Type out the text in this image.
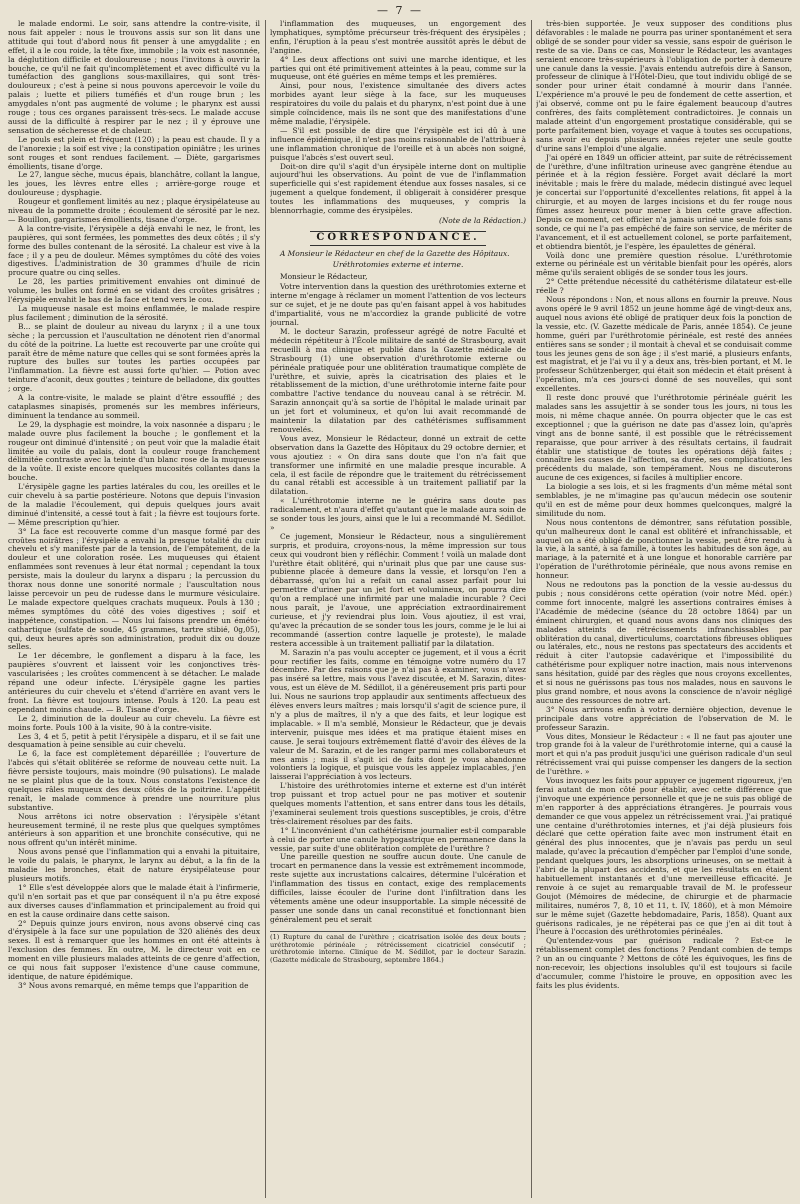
— 7 —

le malade endormi. Le soir, sans attendre la contre-visite, il nous fait appeler : nous le trouvons assis sur son lit dans une attitude qui tout d'abord nous fit penser à une amygdalite ; en effet, il a le cou roide, la tête fixe, immobile ; la voix est nasonnée, la déglutition difficile et douloureuse ; nous l'invitons à ouvrir la bouche, ce qu'il ne fait qu'incomplètement et avec difficulté vu la tuméfaction des ganglions sous-maxillaires, qui sont très-douloureux ; c'est à peine si nous pouvons apercevoir le voile du palais ; luette et piliers tuméfiés et d'un rouge brun ; les amygdales n'ont pas augmenté de volume ; le pharynx est aussi rouge ; tous ces organes paraissent très-secs. Le malade accuse aussi de la difficulté à respirer par le nez ; il y éprouve une sensation de sécheresse et de chaleur.

Le pouls est plein et fréquent (120) ; la peau est chaude. Il y a de l'anorexie ; la soif est vive ; la constipation opiniâtre ; les urines sont rouges et sont rendues facilement. — Diète, gargarismes émollients, tisane d'orge.

Le 27, langue sèche, mucus épais, blanchâtre, collant la langue, les joues, les lèvres entre elles ; arrière-gorge rouge et douloureuse ; dysphagie.

Rougeur et gonflement limités au nez ; plaque érysipélateuse au niveau de la pommette droite ; écoulement de sérosité par le nez. — Bouillon, gargarismes émollients, tisane d'orge.

A la contre-visite, l'érysipèle a déjà envahi le nez, le front, les paupières, qui sont fermées, les pommettes des deux côtés ; il s'y forme des bulles contenant de la sérosité. La chaleur est vive à la face ; il y a peu de douleur. Mêmes symptômes du côté des voies digestives. L'administration de 30 grammes d'huile de ricin procure quatre ou cinq selles.

Le 28, les parties primitivement envahies ont diminué de volume, les bulles ont formé en se vidant des croûtes grisâtres ; l'érysipèle envahit le bas de la face et tend vers le cou.

La muqueuse nasale est moins enflammée, le malade respire plus facilement ; diminution de la sérosité.

B... se plaint de douleur au niveau du larynx ; il a une toux sèche ; la percussion et l'auscultation ne dénotent rien d'anormal du côté de la poitrine. La luette est recouverte par une croûte qui paraît être de même nature que celles qui se sont formées après la rupture des bulles sur toutes les parties occupées par l'inflammation. La fièvre est aussi forte qu'hier. — Potion avec teinture d'aconit, deux gouttes ; teinture de belladone, dix gouttes ; orge.

A la contre-visite, le malade se plaint d'être essoufflé ; des cataplasmes sinapisés, promenés sur les membres inférieurs, diminuent la tendance au sommeil.

Le 29, la dysphagie est moindre, la voix nasonnée a disparu ; le malade ouvre plus facilement la bouche ; le gonflement et la rougeur ont diminué d'intensité ; on peut voir que la maladie était limitée au voile du palais, dont la couleur rouge franchement délimitée contraste avec la teinte d'un blanc rose de la muqueuse de la voûte. Il existe encore quelques mucosités collantes dans la bouche.

L'érysipèle gagne les parties latérales du cou, les oreilles et le cuir chevelu à sa partie postérieure. Notons que depuis l'invasion de la maladie l'écoulement, qui depuis quelques jours avait diminué d'intensité, a cessé tout à fait ; la fièvre est toujours forte. — Même prescription qu'hier.

3° La face est recouverte comme d'un masque formé par des croûtes noirâtres ; l'érysipèle a envahi la presque totalité du cuir chevelu et s'y manifeste par de la tension, de l'empâtement, de la douleur et une coloration rosée. Les muqueuses qui étaient enflammées sont revenues à leur état normal ; cependant la toux persiste, mais la douleur du larynx a disparu ; la percussion du thorax nous donne une sonorité normale ; l'auscultation nous laisse percevoir un peu de rudesse dans le murmure vésiculaire. Le malade expectore quelques crachats muqueux. Pouls à 130 ; mêmes symptômes du côté des voies digestives ; soif et inappétence, constipation. — Nous lui faisons prendre un éméto-cathartique (sulfate de soude, 45 grammes, tartre stibié, 0g,05), qui, deux heures après son administration, produit dix ou douze selles.

Le 1er décembre, le gonflement a disparu à la face, les paupières s'ouvrent et laissent voir les conjonctives très-vascularisées ; les croûtes commencent à se détacher. Le malade répand une odeur infecte. L'érysipèle gagne les parties antérieures du cuir chevelu et s'étend d'arrière en avant vers le front. La fièvre est toujours intense. Pouls à 120. La peau est cependant moins chaude. — B. Tisane d'orge.

Le 2, diminution de la douleur au cuir chevelu. La fièvre est moins forte. Pouls 100 à la visite, 90 à la contre-visite.

Les 3, 4 et 5, petit à petit l'érysipèle a disparu, et il se fait une desquamation à peine sensible au cuir chevelu.

Le 6, la face est complètement déparéillée ; l'ouverture de l'abcès qui s'était oblitérée se reforme de nouveau cette nuit. La fièvre persiste toujours, mais moindre (90 pulsations). Le malade ne se plaint plus que de la toux. Nous constatons l'existence de quelques râles muqueux des deux côtés de la poitrine. L'appétit renaît, le malade commence à prendre une nourriture plus substantive.

Nous arrêtons ici notre observation : l'érysipèle s'étant heureusement terminé, il ne reste plus que quelques symptômes antérieurs à son apparition et une bronchite consécutive, qui ne nous offrent qu'un intérêt minime.

Nous avons pensé que l'inflammation qui a envahi la pituitaire, le voile du palais, le pharynx, le larynx au début, a la fin de la maladie les bronches, était de nature érysipélateuse pour plusieurs motifs.

1° Elle s'est développée alors que le malade était à l'infirmerie, qu'il n'en sortait pas et que par conséquent il n'a pu être exposé aux diverses causes d'inflammation et principalement au froid qui en est la cause ordinaire dans cette saison.

2° Depuis quinze jours environ, nous avons observé cinq cas d'érysipèle à la face sur une population de 320 aliénés des deux sexes. Il est à remarquer que les hommes en ont été atteints à l'exclusion des femmes. En outre, M. le directeur voit en ce moment en ville plusieurs malades atteints de ce genre d'affection, ce qui nous fait supposer l'existence d'une cause commune, identique, de nature épidémique.

3° Nous avons remarqué, en même temps que l'apparition de

l'inflammation des muqueuses, un engorgement des lymphatiques, symptôme précurseur très-fréquent des érysipèles ; enfin, l'éruption à la peau s'est montrée aussitôt après le début de l'angine.

4° Les deux affections ont suivi une marche identique, et les parties qui ont été primitivement atteintes à la peau, comme sur la muqueuse, ont été guéries en même temps et les premières.

Ainsi, pour nous, l'existence simultanée des divers actes morbides ayant leur siège à la face, sur les muqueuses respiratoires du voile du palais et du pharynx, n'est point due à une simple coïncidence, mais ils ne sont que des manifestations d'une même maladie, l'érysipèle.

— S'il est possible de dire que l'érysipèle est ici dû à une influence épidémique, il n'est pas moins raisonnable de l'attribuer à une inflammation chronique de l'oreille et à un abcès non soigné, puisque l'abcès s'est ouvert seul.

Doit-on dire qu'il s'agit d'un érysipèle interne dont on multiplie aujourd'hui les observations. Au point de vue de l'inflammation superficielle qui s'est rapidement étendue aux fosses nasales, si ce jugement a quelque fondement, il obligerait à considérer presque toutes les inflammations des muqueuses, y compris la blennorrhagie, comme des érysipèles.

(Note de la Rédaction.)

CORRESPONDANCE.

A Monsieur le Rédacteur en chef de la Gazette des Hôpitaux.

Uréthrotomies externe et interne.

Monsieur le Rédacteur,

Votre intervention dans la question des uréthrotomies externe et interne m'engage à réclamer un moment l'attention de vos lecteurs sur ce sujet, et je ne doute pas qu'en faisant appel à vos habitudes d'impartialité, vous ne m'accordiez la grande publicité de votre journal.

M. le docteur Sarazin, professeur agrégé de notre Faculté et médecin répétiteur à l'École militaire de santé de Strasbourg, avait recueilli à ma clinique et publié dans la Gazette médicale de Strasbourg (1) une observation d'uréthrotomie externe ou périnéale pratiquée pour une oblitération traumatique complète de l'urèthre, et suivie, après la cicatrisation des plaies et le rétablissement de la miction, d'une uréthrotomie interne faite pour combattre l'active tendance du nouveau canal à se rétrécir. M. Sarazin annonçait qu'à sa sortie de l'hôpital le malade urinait par un jet fort et volumineux, et qu'on lui avait recommandé de maintenir la dilatation par des cathétérismes suffisamment renouvelés.

Vous avez, Monsieur le Rédacteur, donné un extrait de cette observation dans la Gazette des Hôpitaux du 29 octobre dernier, et vous ajoutiez : « On dira sans doute que l'on n'a fait que transformer une infirmité en une maladie presque incurable. A cela, il est facile de répondre que le traitement du rétrécissement du canal rétabli est accessible à un traitement palliatif par la dilatation.

« L'uréthrotomie interne ne le guérira sans doute pas radicalement, et n'aura d'effet qu'autant que le malade aura soin de se sonder tous les jours, ainsi que le lui a recommandé M. Sédillot. »

Ce jugement, Monsieur le Rédacteur, nous a singulièrement surpris, et produira, croyons-nous, la même impression sur tous ceux qui voudront bien y réfléchir. Comment ! voilà un malade dont l'urèthre était oblitéré, qui n'urinait plus que par une cause sus-pubienne placée à demeure dans la vessie, et lorsqu'on l'en a débarrassé, qu'on lui a refait un canal assez parfait pour lui permettre d'uriner par un jet fort et volumineux, on pourra dire qu'on a remplacé une infirmité par une maladie incurable ? Ceci nous paraît, je l'avoue, une appréciation extraordinairement curieuse, et j'y reviendrai plus loin. Vous ajoutiez, il est vrai, qu'avec la précaution de se sonder tous les jours, comme je le lui ai recommandé (assertion contre laquelle je proteste), le malade restera accessible à un traitement palliatif par la dilatation.

M. Sarazin n'a pas voulu accepter ce jugement, et il vous a écrit pour rectifier les faits, comme en témoigne votre numéro du 17 décembre. Par des raisons que je n'ai pas à examiner, vous n'avez pas inséré sa lettre, mais vous l'avez discutée, et M. Sarazin, dites-vous, est un élève de M. Sédillot, il a généreusement pris parti pour lui. Nous ne saurions trop applaudir aux sentiments affectueux des élèves envers leurs maîtres ; mais lorsqu'il s'agit de science pure, il n'y a plus de maîtres, il n'y a que des faits, et leur logique est implacable. » Il m'a semblé, Monsieur le Rédacteur, que je devais intervenir, puisque mes idées et ma pratique étaient mises en cause. Je serai toujours extrêmement flatté d'avoir des élèves de la valeur de M. Sarazin, et de les ranger parmi mes collaborateurs et mes amis ; mais il s'agit ici de faits dont je vous abandonne volontiers la logique, et puisque vous les appelez implacables, j'en laisserai l'appréciation à vos lecteurs.

L'histoire des uréthrotomies interne et externe est d'un intérêt trop puissant et trop actuel pour ne pas motiver et soutenir quelques moments l'attention, et sans entrer dans tous les détails, j'examinerai seulement trois questions susceptibles, je crois, d'être très-clairement résolues par des faits.

1° L'inconvénient d'un cathétérisme journalier est-il comparable à celui de porter une canule hypogastrique en permanence dans la vessie, par suite d'une oblitération complète de l'urèthre ?

Une pareille question ne souffre aucun doute. Une canule de trocart en permanence dans la vessie est extrêmement incommode, reste sujette aux incrustations calcaires, détermine l'ulcération et l'inflammation des tissus en contact, exige des remplacements difficiles, laisse écouler de l'urine dont l'infiltration dans les vêtements amène une odeur insupportable. La simple nécessité de passer une sonde dans un canal reconstitué et fonctionnant bien généralement peu et serait

(1) Rupture du canal de l'urèthre ; cicatrisation isolée des deux bouts ; uréthrotomie périnéale ; rétrécissement cicatriciel consécutif ; uréthrotomie interne. Clinique de M. Sédillot, par le docteur Sarazin. (Gazette médicale de Strasbourg, septembre 1864.)

très-bien supportée. Je veux supposer des conditions plus défavorables : le malade ne pourra pas uriner spontanément et sera obligé de se sonder pour vider sa vessie, sans espoir de guérison le reste de sa vie. Dans ce cas, Monsieur le Rédacteur, les avantages seraient encore très-supérieurs à l'obligation de porter à demeure une canule dans la vessie. J'avais entendu autrefois dire à Sanson, professeur de clinique à l'Hôtel-Dieu, que tout individu obligé de se sonder pour uriner était condamné à mourir dans l'année. L'expérience m'a prouvé le peu de fondement de cette assertion, et j'ai observé, comme ont pu le faire également beaucoup d'autres confrères, des faits complètement contradictoires. Je connais un malade atteint d'un engorgement prostatique considérable, qui se porte parfaitement bien, voyage et vaque à toutes ses occupations, sans avoir eu depuis plusieurs années rejeter une seule goutte d'urine sans l'emploi d'une algalie.

J'ai opéré en 1849 un officier atteint, par suite de rétrécissement de l'urèthre, d'une infiltration urineuse avec gangrène étendue au périnée et à la région fessière. Forget avait déclaré la mort inévitable ; mais le frère du malade, médecin distingué avec lequel je concertai sur l'opportunité d'excellentes relations, fit appel à la chirurgie, et au moyen de larges incisions et du fer rouge nous fûmes assez heureux pour mener à bien cette grave affection. Depuis ce moment, cet officier n'a jamais uriné une seule fois sans sonde, ce qui ne l'a pas empêché de faire son service, de mériter de l'avancement, et il est actuellement colonel, se porte parfaitement, et obtiendra bientôt, je l'espère, les épaulettes de général.

Voilà donc une première question résolue. L'uréthrotomie externe ou périnéale est un véritable bienfait pour les opérés, alors même qu'ils seraient obligés de se sonder tous les jours.

2° Cette prétendue nécessité du cathétérisme dilatateur est-elle réelle ?

Nous répondons : Non, et nous allons en fournir la preuve. Nous avons opéré le 9 avril 1852 un jeune homme âgé de vingt-deux ans, auquel nous avions été obligé de pratiquer deux fois la ponction de la vessie, etc. (V. Gazette médicale de Paris, année 1854). Ce jeune homme, guéri par l'uréthrotomie périnéale, est resté des années entières sans se sonder ; il montait à cheval et se conduisait comme tous les jeunes gens de son âge ; il s'est marié, a plusieurs enfants, est magistrat, et je l'ai vu il y a deux ans, très-bien portant, et M. le professeur Schützenberger, qui était son médecin et était présent à l'opération, m'a ces jours-ci donné de ses nouvelles, qui sont excellentes.

Il reste donc prouvé que l'uréthrotomie périnéale guérit les malades sans les assujettir à se sonder tous les jours, ni tous les mois, ni même chaque année. On pourra objecter que le cas est exceptionnel ; que la guérison ne date pas d'assez loin, qu'après vingt ans de bonne santé, il est possible que le rétrécissement reparaisse, que pour arriver à des résultats certains, il faudrait établir une statistique de toutes les opérations déjà faites ; connaître les causes de l'affection, sa durée, ses complications, les précédents du malade, son tempérament. Nous ne discuterons aucune de ces exigences, si faciles à multiplier encore.

La biologie a ses lois, et si les fragments d'un même métal sont semblables, je ne m'imagine pas qu'aucun médecin ose soutenir qu'il en est de même pour deux hommes quelconques, malgré la similitude du nom.

Nous nous contentons de démontrer, sans réfutation possible, qu'un malheureux dont le canal est oblitéré et infranchissable, et auquel on a été obligé de ponctionner la vessie, peut être rendu à la vie, à la santé, à sa famille, à toutes les habitudes de son âge, au mariage, à la paternité et à une longue et honorable carrière par l'opération de l'uréthrotomie périnéale, que nous avons remise en honneur.

Nous ne redoutons pas la ponction de la vessie au-dessus du pubis ; nous considérons cette opération (voir notre Méd. opér.) comme fort innocente, malgré les assertions contraires émises à l'Académie de médecine (séance du 28 octobre 1864) par un éminent chirurgien, et quand nous avons dans nos cliniques des malades atteints de rétrécissements infranchissables par oblitération du canal, diverticulums, coarctations fibreuses obliques ou latérales, etc., nous ne restons pas spectateurs des accidents et réduit à citer l'autopsie cadavérique et l'impossibilité du cathétérisme pour expliquer notre inaction, mais nous intervenons sans hésitation, guidé par des règles que nous croyons excellentes, et si nous ne guérissons pas tous nos malades, nous en sauvons le plus grand nombre, et nous avons la conscience de n'avoir négligé aucune des ressources de notre art.

3° Nous arrivons enfin à votre dernière objection, devenue le principale dans votre appréciation de l'observation de M. le professeur Sarazin.

Vous dites, Monsieur le Rédacteur : « Il ne faut pas ajouter une trop grande foi à la valeur de l'uréthrotomie interne, qui a causé la mort et qui n'a pas produit jusqu'ici une guérison radicale d'un seul rétrécissement vrai qui puisse compenser les dangers de la section de l'urèthre. »

Vous invoquez les faits pour appuyer ce jugement rigoureux, j'en ferai autant de mon côté pour établir, avec cette différence que j'invoque une expérience personnelle et que je ne suis pas obligé de m'en rapporter à des appréciations étrangères. Je pourrais vous demander ce que vous appelez un rétrécissement vrai. J'ai pratiqué une centaine d'uréthrotomies internes, et j'ai déjà plusieurs fois déclaré que cette opération faite avec mon instrument était en général des plus innocentes, que je n'avais pas perdu un seul malade, qu'avec la précaution d'empêcher par l'emploi d'une sonde, pendant quelques jours, les absorptions urineuses, on se mettait à l'abri de la plupart des accidents, et que les résultats en étaient habituellement instantanés et d'une merveilleuse efficacité. Je renvoie à ce sujet au remarquable travail de M. le professeur Goujot (Mémoires de médecine, de chirurgie et de pharmacie militaires, numéros 7, 8, 10 et 11, t. IV, 1860), et à mon Mémoire sur le même sujet (Gazette hebdomadaire, Paris, 1858). Quant aux guérisons radicales, je ne répéterai pas ce que j'en ai dit tout à l'heure à l'occasion des uréthrotomies périnéales.

Qu'entendez-vous par guérison radicale ? Est-ce le rétablissement complet des fonctions ? Pendant combien de temps ? un an ou cinquante ? Mettons de côté les équivoques, les fins de non-recevoir, les objections insolubles qu'il est toujours si facile d'accumuler, comme l'histoire le prouve, en opposition avec les faits les plus évidents.
